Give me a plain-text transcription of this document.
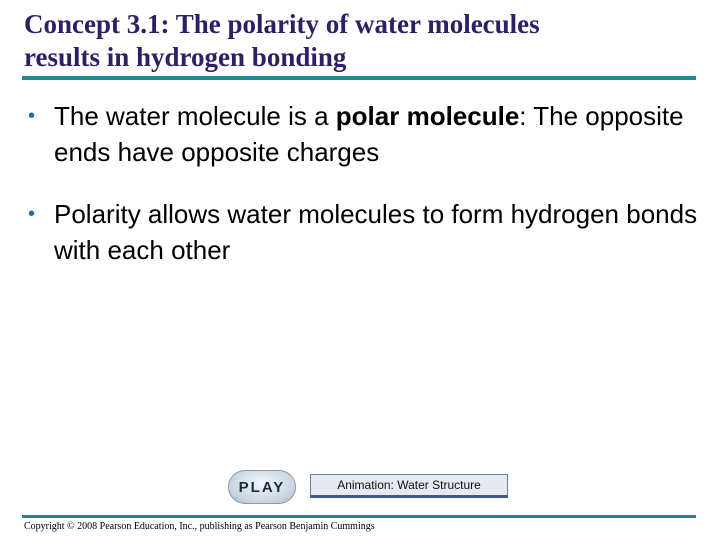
Concept 3.1: The polarity of water molecules
results in hydrogen bonding
• The water molecule is a polar molecule: The opposite ends have opposite charges
• Polarity allows water molecules to form hydrogen bonds with each other
PLAY	Animation: Water Structure
Copyright © 2008 Pearson Education, Inc., publishing as Pearson Benjamin Cummings
